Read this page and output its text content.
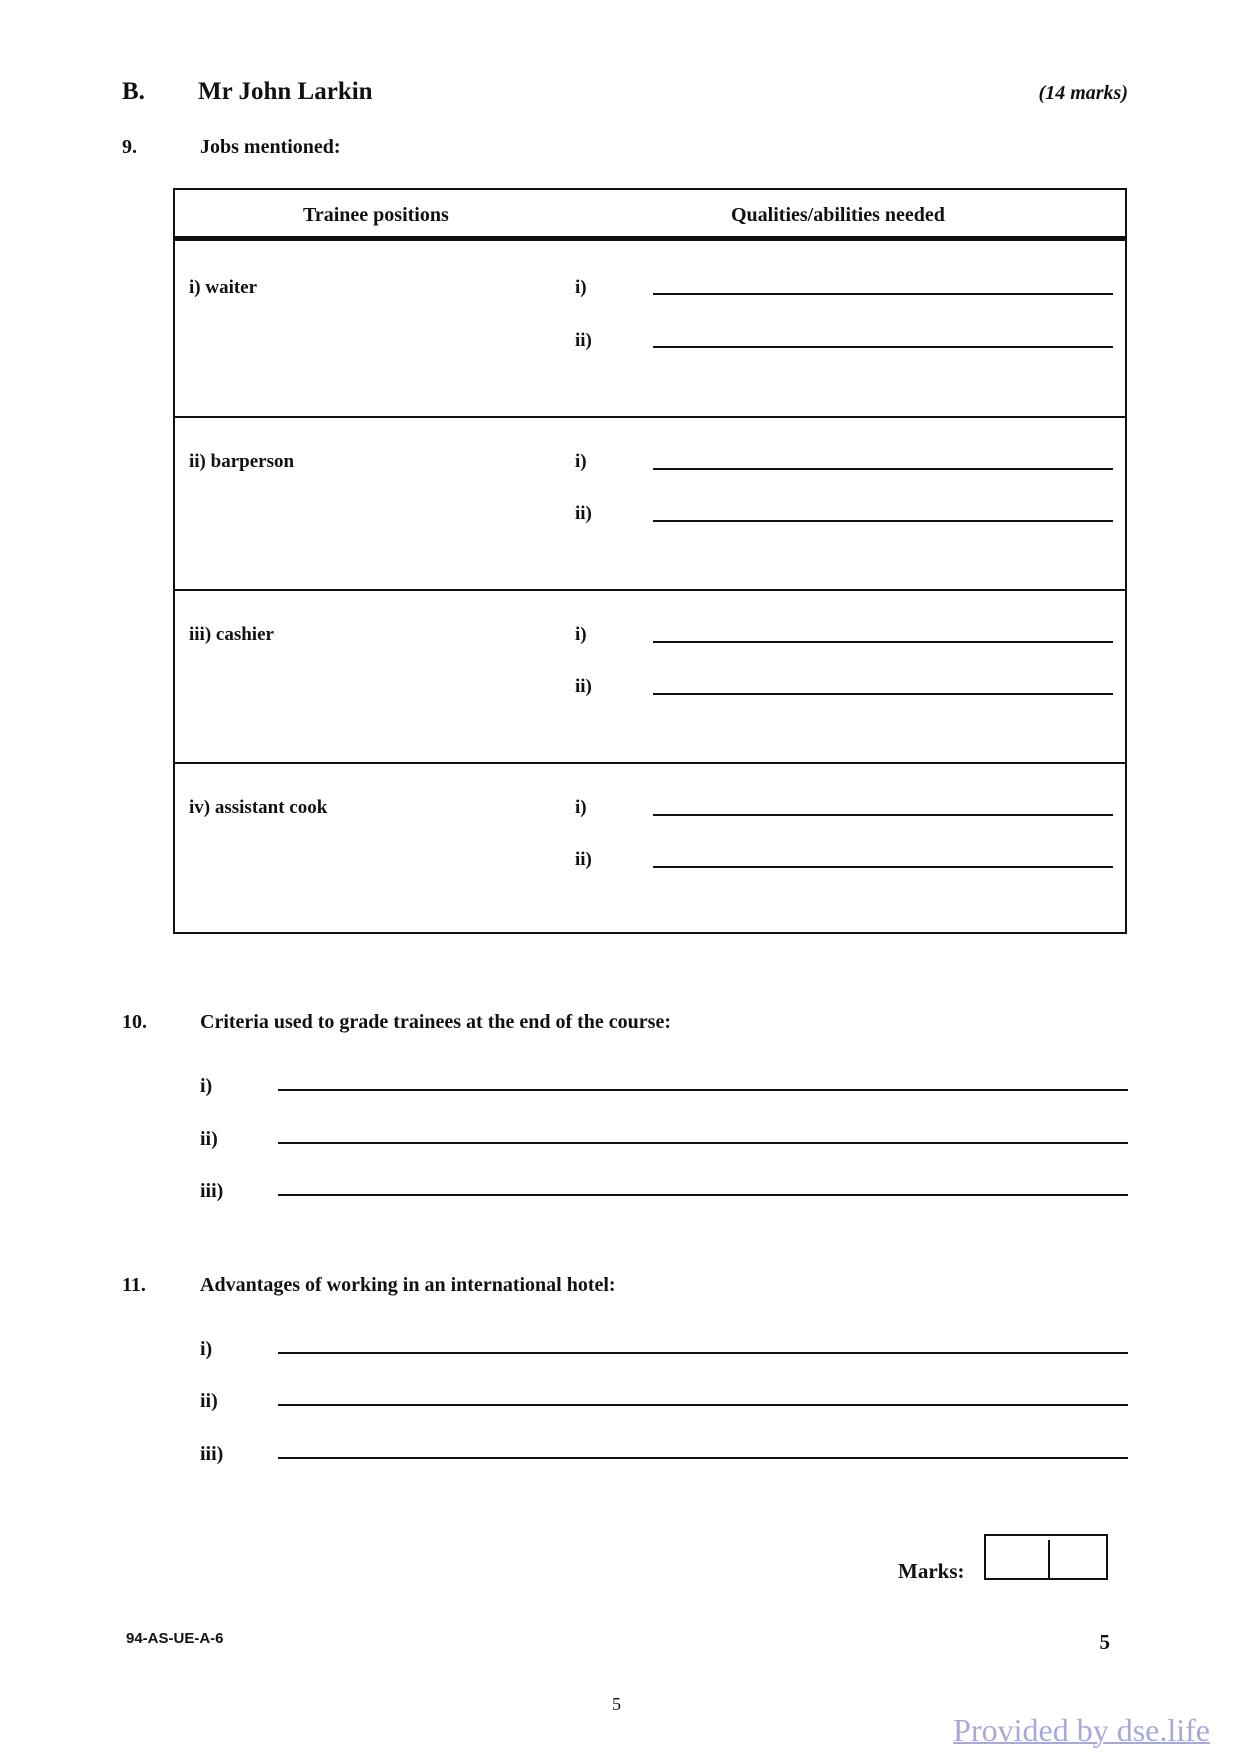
B. Mr John Larkin	(14 marks)
9.	Jobs mentioned:
Trainee positions	Qualities/abilities needed
i) waiter	i)
ii)
ii) barperson	i)
ii)
iii) cashier	i)
ii)
iv) assistant cook	i)
ii)
10.	Criteria used to grade trainees at the end of the course:
i)
ii)
iii)
11.	Advantages of working in an international hotel:
i)
ii)
iii)
Marks:
94-AS-UE-A-6	5
5
Provided by dse.life
